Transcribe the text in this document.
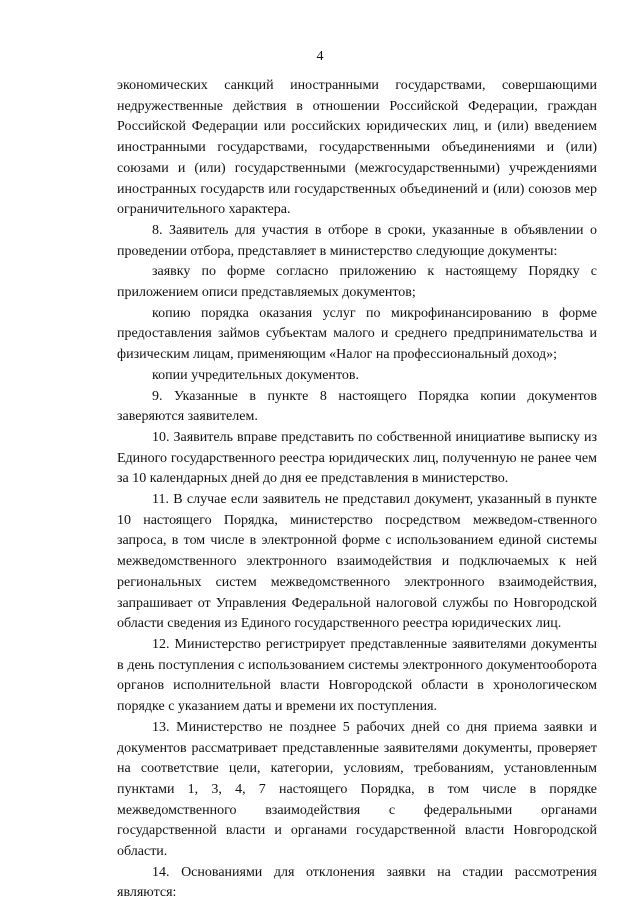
4

экономических санкций иностранными государствами, совершающими недружественные действия в отношении Российской Федерации, граждан Российской Федерации или российских юридических лиц, и (или) введением иностранными государствами, государственными объединениями и (или) союзами и (или) государственными (межгосударственными) учреждениями иностранных государств или государственных объединений и (или) союзов мер ограничительного характера.

8. Заявитель для участия в отборе в сроки, указанные в объявлении о проведении отбора, представляет в министерство следующие документы:

заявку по форме согласно приложению к настоящему Порядку с приложением описи представляемых документов;

копию порядка оказания услуг по микрофинансированию в форме предоставления займов субъектам малого и среднего предпринимательства и физическим лицам, применяющим «Налог на профессиональный доход»;

копии учредительных документов.

9. Указанные в пункте 8 настоящего Порядка копии документов заверяются заявителем.

10. Заявитель вправе представить по собственной инициативе выписку из Единого государственного реестра юридических лиц, полученную не ранее чем за 10 календарных дней до дня ее представления в министерство.

11. В случае если заявитель не представил документ, указанный в пункте 10 настоящего Порядка, министерство посредством межведом-ственного запроса, в том числе в электронной форме с использованием единой системы межведомственного электронного взаимодействия и подключаемых к ней региональных систем межведомственного электронного взаимодействия, запрашивает от Управления Федеральной налоговой службы по Новгородской области сведения из Единого государственного реестра юридических лиц.

12. Министерство регистрирует представленные заявителями документы в день поступления с использованием системы электронного документооборота органов исполнительной власти Новгородской области в хронологическом порядке с указанием даты и времени их поступления.

13. Министерство не позднее 5 рабочих дней со дня приема заявки и документов рассматривает представленные заявителями документы, проверяет на соответствие цели, категории, условиям, требованиям, установленным пунктами 1, 3, 4, 7 настоящего Порядка, в том числе в порядке межведомственного взаимодействия с федеральными органами государственной власти и органами государственной власти Новгородской области.

14. Основаниями для отклонения заявки на стадии рассмотрения являются:
